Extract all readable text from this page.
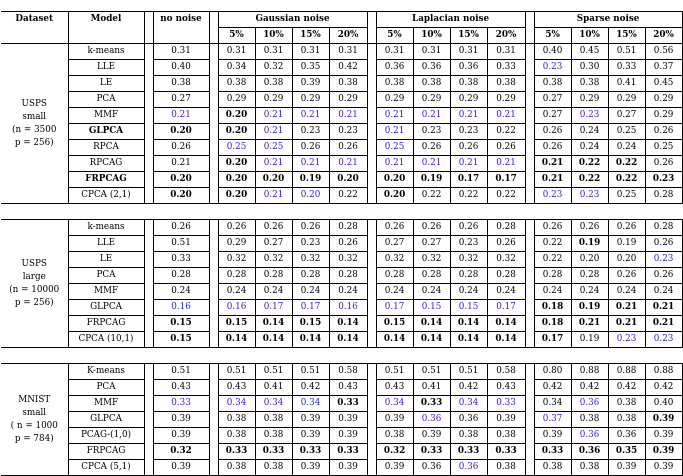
Dataset	Model		no noise		Gaussian noise					Laplacian noise					Sparse noise			
					5%	10%	15%	20%		5%	10%	15%	20%		5%	10%	15%	20%

USPS
small
(n = 3500
p = 256)	k-means		0.31		0.31	0.31	0.31	0.31		0.31	0.31	0.31	0.31		0.40	0.45	0.51	0.56
	LLE		0.40		0.34	0.32	0.35	0.42		0.36	0.36	0.36	0.33		0.23	0.30	0.33	0.37
	LE		0.38		0.38	0.38	0.39	0.38		0.38	0.38	0.38	0.38		0.38	0.38	0.41	0.45
	PCA		0.27		0.29	0.29	0.29	0.29		0.29	0.29	0.29	0.29		0.27	0.29	0.29	0.29
	MMF		0.21		0.20	0.21	0.21	0.21		0.21	0.21	0.21	0.21		0.27	0.23	0.27	0.29
	GLPCA		0.20		0.20	0.21	0.23	0.23		0.21	0.23	0.23	0.22		0.26	0.24	0.25	0.26
	RPCA		0.26		0.25	0.25	0.26	0.26		0.25	0.26	0.26	0.26		0.26	0.24	0.24	0.25
	RPCAG		0.21		0.20	0.21	0.21	0.21		0.21	0.21	0.21	0.21		0.21	0.22	0.22	0.26
	FRPCAG		0.20		0.20	0.20	0.19	0.20		0.20	0.19	0.17	0.17		0.21	0.22	0.22	0.23
	CPCA (2,1)		0.20		0.20	0.21	0.20	0.22		0.20	0.22	0.22	0.22		0.23	0.23	0.25	0.28

USPS
large
(n = 10000
p = 256)	k-means		0.26		0.26	0.26	0.26	0.28		0.26	0.26	0.26	0.28		0.26	0.26	0.26	0.28
	LLE		0.51		0.29	0.27	0.23	0.26		0.27	0.27	0.23	0.26		0.22	0.19	0.19	0.26
	LE		0.33		0.32	0.32	0.32	0.32		0.32	0.32	0.32	0.32		0.22	0.20	0.20	0.23
	PCA		0.28		0.28	0.28	0.28	0.28		0.28	0.28	0.28	0.28		0.28	0.28	0.26	0.26
	MMF		0.24		0.24	0.24	0.24	0.24		0.24	0.24	0.24	0.24		0.24	0.24	0.24	0.24
	GLPCA		0.16		0.16	0.17	0.17	0.16		0.17	0.15	0.15	0.17		0.18	0.19	0.21	0.21
	FRPCAG		0.15		0.15	0.14	0.15	0.14		0.15	0.14	0.14	0.14		0.18	0.21	0.21	0.21
	CPCA (10,1)		0.15		0.14	0.14	0.14	0.14		0.14	0.14	0.14	0.14		0.17	0.19	0.23	0.23

MNIST
small
( n = 1000
p = 784)	K-means		0.51		0.51	0.51	0.51	0.58		0.51	0.51	0.51	0.58		0.80	0.88	0.88	0.88
	PCA		0.43		0.43	0.41	0.42	0.43		0.43	0.41	0.42	0.43		0.42	0.42	0.42	0.42
	MMF		0.33		0.34	0.34	0.34	0.33		0.34	0.33	0.34	0.33		0.34	0.36	0.38	0.40
	GLPCA		0.39		0.38	0.38	0.39	0.39		0.39	0.36	0.36	0.39		0.37	0.38	0.38	0.39
	PCAG-(1,0)		0.39		0.38	0.38	0.39	0.39		0.38	0.39	0.38	0.38		0.39	0.36	0.36	0.39
	FRPCAG		0.32		0.33	0.33	0.33	0.33		0.32	0.33	0.33	0.33		0.33	0.36	0.35	0.39
	CPCA (5,1)		0.39		0.38	0.38	0.39	0.39		0.39	0.36	0.36	0.38		0.38	0.38	0.39	0.39
